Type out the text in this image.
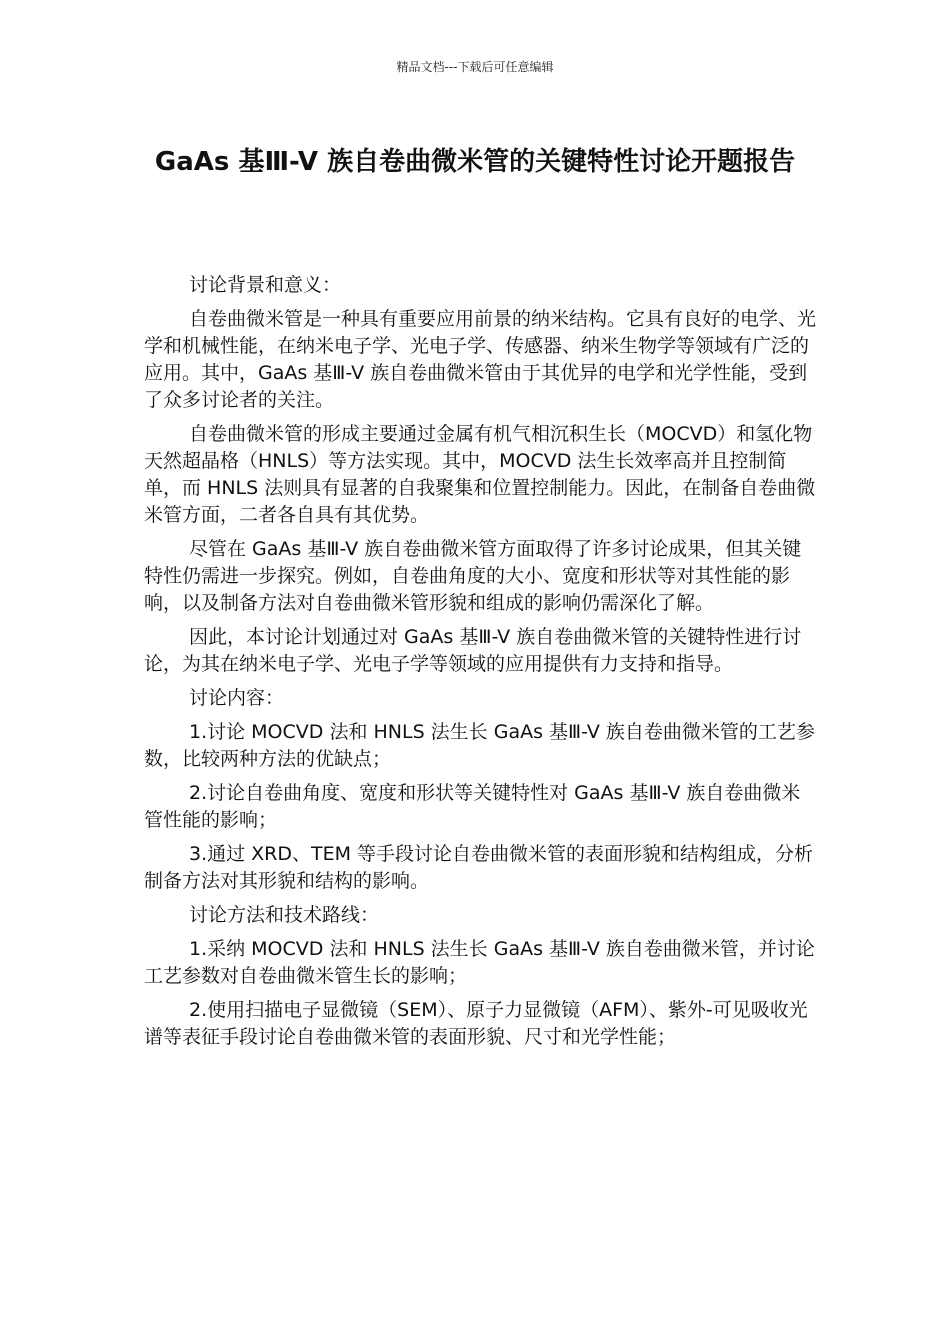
精品文档---下载后可任意编辑
GaAs 基Ⅲ-V 族自卷曲微米管的关键特性讨论开题报告

讨论背景和意义：

自卷曲微米管是一种具有重要应用前景的纳米结构。它具有良好的电学、光学和机械性能，在纳米电子学、光电子学、传感器、纳米生物学等领域有广泛的应用。其中，GaAs 基Ⅲ-V 族自卷曲微米管由于其优异的电学和光学性能，受到了众多讨论者的关注。

自卷曲微米管的形成主要通过金属有机气相沉积生长（MOCVD）和氢化物天然超晶格（HNLS）等方法实现。其中，MOCVD 法生长效率高并且控制简单，而 HNLS 法则具有显著的自我聚集和位置控制能力。因此，在制备自卷曲微米管方面，二者各自具有其优势。

尽管在 GaAs 基Ⅲ-V 族自卷曲微米管方面取得了许多讨论成果，但其关键特性仍需进一步探究。例如，自卷曲角度的大小、宽度和形状等对其性能的影响，以及制备方法对自卷曲微米管形貌和组成的影响仍需深化了解。

因此，本讨论计划通过对 GaAs 基Ⅲ-V 族自卷曲微米管的关键特性进行讨论，为其在纳米电子学、光电子学等领域的应用提供有力支持和指导。

讨论内容：

1.讨论 MOCVD 法和 HNLS 法生长 GaAs 基Ⅲ-V 族自卷曲微米管的工艺参数，比较两种方法的优缺点；

2.讨论自卷曲角度、宽度和形状等关键特性对 GaAs 基Ⅲ-V 族自卷曲微米管性能的影响；

3.通过 XRD、TEM 等手段讨论自卷曲微米管的表面形貌和结构组成，分析制备方法对其形貌和结构的影响。

讨论方法和技术路线：

1.采纳 MOCVD 法和 HNLS 法生长 GaAs 基Ⅲ-V 族自卷曲微米管，并讨论工艺参数对自卷曲微米管生长的影响；

2.使用扫描电子显微镜（SEM）、原子力显微镜（AFM）、紫外-可见吸收光谱等表征手段讨论自卷曲微米管的表面形貌、尺寸和光学性能；
